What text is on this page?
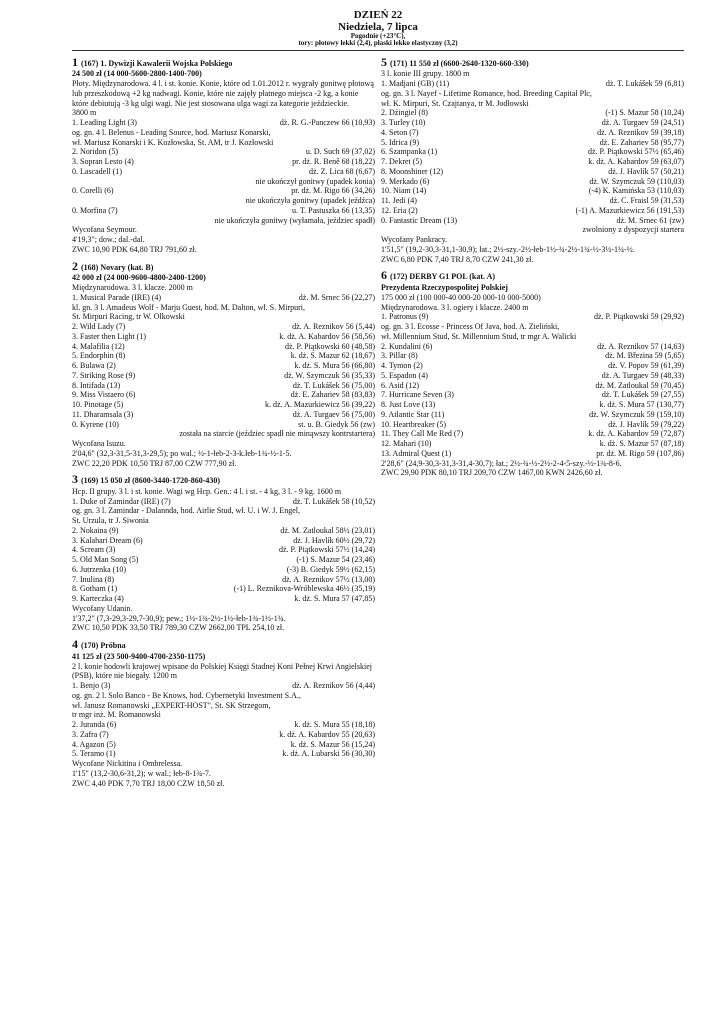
DZIEŃ 22
Niedziela, 7 lipca
Pogodnie (+23°C),
tory: płotowy lekki (2,4), płaski lekko elastyczny (3,2)
1 (167) 1. Dywizji Kawalerii Wojska Polskiego
24 500 zł (14 000-5600-2800-1400-700)
Płoty. Międzynarodowa. 4 l. i st. konie. Konie, które od 1.01.2012 r. wygrały gonitwę płotową lub przeszkodową +2 kg nadwagi. Konie, które nie zajęły płatnego miejsca -2 kg, a konie które debiutują -3 kg ulgi wagi. Nie jest stosowana ulga wagi za kategorie jeździeckie.
3800 m
1. Leading Light (3)	dż. R. G.-Panczew 66 (10,93)
og. gn. 4 l. Belenus - Leading Source, hod. Mariusz Konarski,
wł. Mariusz Konarski i K. Kozłowska, St. AM, tr J. Kozłowski
2. Noridon (5)	u. D. Such 69 (37,02)
3. Sopran Lesto (4)	pr. dż. R. Beně 68 (18,22)
0. Lascadell (1)	dż. Z. Lica 68 (6,67)
nie ukończył gonitwy (upadek konia)
0. Corelli (6)	pr. dż. M. Rigo 66 (34,26)
nie ukończyła gonitwy (upadek jeźdźca)
0. Morfina (7)	u. T. Pastuszka 66 (13,35)
nie ukończyła gonitwy (wyłamała, jeździec spadł)
Wycofana Seymour.
4'19,3"; dow.; dal.-dal.
ZWC 10,90 PDK 64,80 TRJ 791,60 zł.
2 (168) Novary (kat. B)
42 000 zł (24 000-9600-4800-2400-1200)
Międzynarodowa. 3 l. klacze. 2000 m
1. Musical Parade (IRE) (4)	dż. M. Srnec 56 (22,27)
kl. gn. 3 l. Amadeus Wolf - Marju Guest, hod. M. Dalton, wł. S. Mirpuri,
St. Mirpuri Racing, tr W. Olkowski
2. Wild Lady (7)	dż. A. Reznikov 56 (5,44)
3. Faster then Light (1)	k. dż. A. Kabardov 56 (58,56)
4. Malafilia (12)	dż. P. Piątkowski 60 (48,58)
5. Endorphin (8)	k. dż. S. Mazur 62 (18,67)
6. Bulawa (2)	k. dż. S. Mura 56 (66,80)
7. Striking Rose (9)	dż. W. Szymczuk 56 (35,33)
8. Intifada (13)	dż. T. Lukášek 56 (75,00)
9. Miss Vistaero (6)	dż. E. Zahariev 58 (83,83)
10. Pinotage (5)	k. dż. A. Mazurkiewicz 56 (39,22)
11. Dharamsala (3)	dż. A. Turgaev 56 (75,00)
0. Kyrene (10)	st. u. B. Giedyk 56 (zw)
została na starcie (jeździec spadł nie minąwszy kontrstartera)
Wycofana Isuzu.
2'04,6" (32,3-31,5-31,3-29,5); po wal.; ½-1-łeb-2-3-k.łeb-1¾-½-1-5.
ZWC 22,20 PDK 10,50 TRJ 87,00 CZW 777,90 zł.
3 (169) 15 050 zł (8600-3440-1720-860-430)
Hcp. II grupy. 3 l. i st. konie. Wagi wg Hcp. Gen.: 4 l. i st. - 4 kg, 3 l. - 9 kg. 1600 m
1. Duke of Zamindar (IRE) (7)	dż. T. Lukášek 58 (10,52)
og. gn. 3 l. Zamindar - Dalannda, hod. Airlie Stud, wł. U. i W. J. Engel,
St. Urzula, tr J. Siwonia
2. Nokaina (9)	dż. M. Zatloukal 58½ (23,01)
3. Kalahari Dream (6)	dż. J. Havlík 60½ (29,72)
4. Scream (3)	dż. P. Piątkowski 57½ (14,24)
5. Old Man Song (5)	(-1) S. Mazur 54 (23,46)
6. Jutrzenka (10)	(-3) B. Giedyk 59½ (62,15)
7. Inulina (8)	dż. A. Reznikov 57½ (13,00)
8. Gotham (1)	(-1) L. Reznikova-Wróblewska 46½ (35,19)
9. Karteczka (4)	k. dż. S. Mura 57 (47,85)
Wycofany Udanin.
1'37,2" (7,3-29,3-29,7-30,9); pew.; 1½-1¾-2½-1½-łeb-1¾-1½-1¾.
ZWC 10,50 PDK 33,50 TRJ 789,30 CZW 2662,00 TPL 254,10 zł.
4 (170) Próbna
41 125 zł (23 500-9400-4700-2350-1175)
2 l. konie hodowli krajowej wpisane do Polskiej Księgi Stadnej Koni Pełnej Krwi Angielskiej (PSB), które nie biegały. 1200 m
1. Benjo (3)	dż. A. Reznikov 56 (4,44)
og. gn. 2 l. Solo Banco - Be Knows, hod. Cybernetyki Investment S.A.,
wł. Janusz Romanowski „EXPERT-HOST", St. SK Strzegom,
tr mgr inż. M. Romanowski
2. Juranda (6)	k. dż. S. Mura 55 (18,18)
3. Zafra (7)	k. dż. A. Kabardov 55 (20,63)
4. Agazon (5)	k. dż. S. Mazur 56 (15,24)
5. Teramo (1)	k. dż. A. Lubarski 56 (30,30)
Wycofane Nickitina i Ombrelessa.
1'15" (13,2-30,6-31,2); w wal.; łeb-8-1¾-7.
ZWC 4,40 PDK 7,70 TRJ 18,00 CZW 18,50 zł.
5 (171) 11 550 zł (6600-2640-1320-660-330)
3 l. konie III grupy. 1800 m
1. Madjani (GB) (11)	dż. T. Lukášek 59 (6,81)
og. gn. 3 l. Nayef - Lifetime Romance, hod. Breeding Capital Plc,
wł. K. Mirpuri, St. Czajtanya, tr M. Jodłowski
2. Dźingiel (8)	(-1) S. Mazur 58 (10,24)
3. Turley (10)	dż. A. Turgaev 59 (24,51)
4. Seton (7)	dż. A. Reznikov 59 (39,18)
5. Idrica (9)	dż. E. Zahariev 58 (95,77)
6. Szampanka (1)	dż. P. Piątkowski 57½ (65,46)
7. Dekret (5)	k. dż. A. Kabardov 59 (63,07)
8. Moonshiner (12)	dż. J. Havlík 57 (50,21)
9. Merkado (6)	dż. W. Szymczuk 59 (110,03)
10. Niam (14)	(-4) K. Kamińska 53 (110,03)
11. Jedi (4)	dż. C. Fraisl 59 (31,53)
12. Eria (2)	(-1) A. Mazurkiewicz 56 (191,53)
0. Fantastic Dream (13)	dż. M. Srnec 61 (zw)
zwolniony z dyspozycji startera
Wycofany Pankracy.
1'51,5" (19,2-30,3-31,1-30,9); łat.; 2½-szy.-2½-łeb-1½-¾-2½-1¾-½-3½-1¼-½.
ZWC 6,80 PDK 7,40 TRJ 8,70 CZW 241,30 zł.
6 (172) DERBY G1 POL (kat. A)
Prezydenta Rzeczypospolitej Polskiej
175 000 zł (100 000-40 000-20 000-10 000-5000)
Międzynarodowa. 3 l. ogiery i klacze. 2400 m
1. Patronus (9)	dż. P. Piątkowski 59 (29,92)
og. gn. 3 l. Ecosse - Princess Of Java, hod. A. Zieliński,
wł. Millennium Stud, St. Millennium Stud, tr mgr A. Walicki
2. Kundalini (6)	dż. A. Reznikov 57 (14,63)
3. Pillar (8)	dż. M. Březina 59 (5,65)
4. Tymon (2)	dż. V. Popov 59 (61,39)
5. Espadon (4)	dż. A. Turgaev 59 (48,33)
6. Asid (12)	dż. M. Zatloukal 59 (70,45)
7. Hurricane Seven (3)	dż. T. Lukášek 59 (27,55)
8. Just Love (13)	k. dż. S. Mura 57 (130,77)
9. Atlantic Star (11)	dż. W. Szymczuk 59 (159,10)
10. Heartbreaker (5)	dż. J. Havlík 59 (79,22)
11. They Call Me Red (7)	k. dż. A. Kabardov 59 (72,87)
12. Mahari (10)	k. dż. S. Mazur 57 (87,18)
13. Admiral Quest (1)	pr. dż. M. Rigo 59 (107,86)
2'28,6" (24,9-30,3-31,3-31,4-30,7); łat.; 2½-¾-½-2½-2-4-5-szy.-½-1¾-8-6.
ZWC 29,90 PDK 80,10 TRJ 209,70 CZW 1467,00 KWN 2426,60 zł.
